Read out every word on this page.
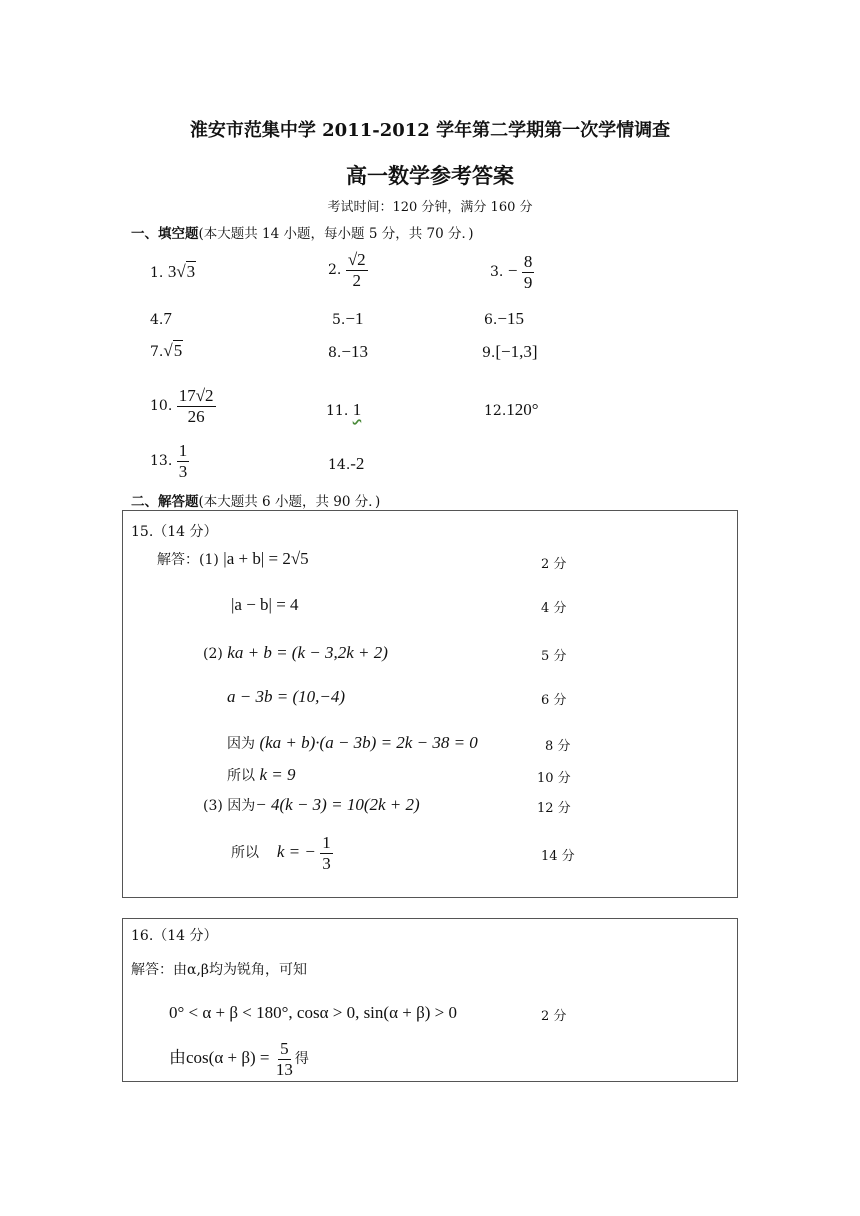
淮安市范集中学 2011-2012 学年第二学期第一次学情调查
高一数学参考答案
考试时间：120 分钟，满分 160 分
一、填空题(本大题共 14 小题，每小题 5 分，共 70 分．)
1. 3√3	2. $\frac{√2}{2}$	3. − $\frac{8}{9}$
4.7	5.−1	6.−15
7.√5	8.−13	9.[−1,3]
10. $\frac{17√2}{26}$	11. 1	12.120°
13. $\frac{1}{3}$	14.-2
二、解答题(本大题共 6 小题，共 90 分．)
15.（14 分）
解答：(1) |a + b| = 2√5	2 分
|a − b| = 4	4 分
(2) ka + b = (k − 3,2k + 2)	5 分
a − 3b = (10,−4)	6 分
因为 (ka + b)·(a − 3b) = 2k − 38 = 0	8 分
所以 k = 9	10 分
(3) 因为− 4(k − 3) = 10(2k + 2)	12 分
所以 k = − $\frac{1}{3}$	14 分
16.（14 分）
解答：由α,β均为锐角，可知
0° < α + β < 180°, cosα > 0, sin(α + β) > 0	2 分
由$\cos(\alpha + \beta) = \frac{5}{13}$ 得
